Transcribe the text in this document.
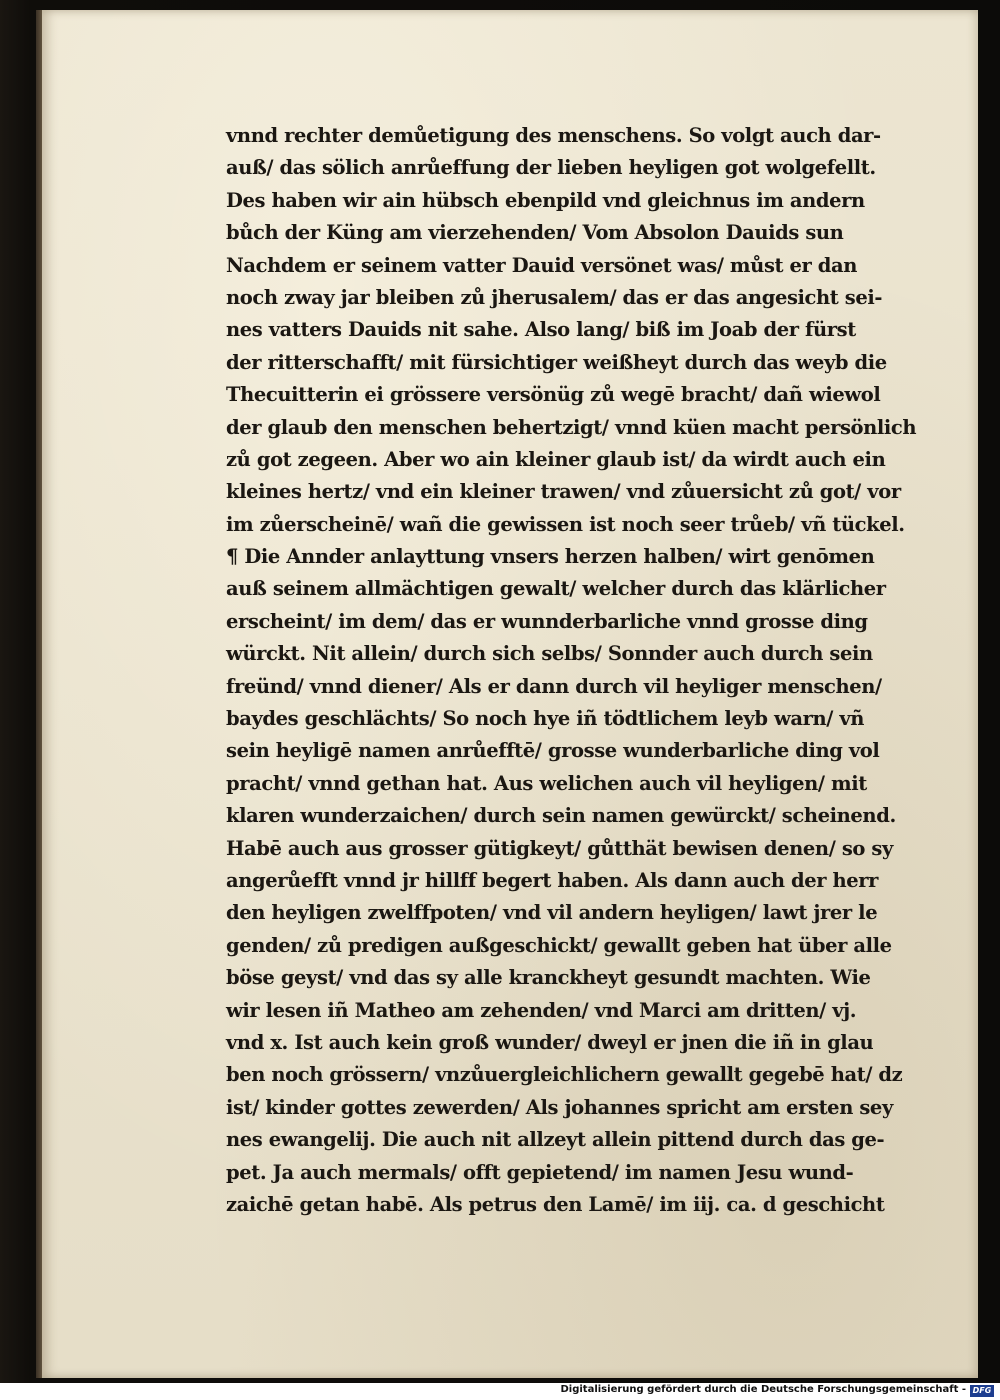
vnnd rechter demůetigung des menschens. So volgt auch dar-
auß/ das sölich anrůeffung der lieben heyligen got wolgefellt.
Des haben wir ain hübsch ebenpild vnd gleichnus im andern
bůch der Küng am vierzehenden/ Vom Absolon Dauids sun
Nachdem er seinem vatter Dauid versönet was/ můst er dan
noch zway jar bleiben zů jherusalem/ das er das angesicht sei-
nes vatters Dauids nit sahe. Also lang/ biß im Joab der fürst
der ritterschafft/ mit fürsichtiger weißheyt durch das weyb die
Thecuitterin ei grössere versönüg zů wegē bracht/ dañ wiewol
der glaub den menschen behertzigt/ vnnd küen macht persönlich
zů got zegeen. Aber wo ain kleiner glaub ist/ da wirdt auch ein
kleines hertz/ vnd ein kleiner trawen/ vnd zůuersicht zů got/ vor
im zůerscheinē/ wañ die gewissen ist noch seer trůeb/ vñ tückel.
¶ Die Annder anlayttung vnsers herzen halben/ wirt genōmen
auß seinem allmächtigen gewalt/ welcher durch das klärlicher
erscheint/ im dem/ das er wunnderbarliche vnnd grosse ding
würckt. Nit allein/ durch sich selbs/ Sonnder auch durch sein
freünd/ vnnd diener/ Als er dann durch vil heyliger menschen/
baydes geschlächts/ So noch hye iñ tödtlichem leyb warn/ vñ
sein heyligē namen anrůefftē/ grosse wunderbarliche ding vol
pracht/ vnnd gethan hat. Aus welichen auch vil heyligen/ mit
klaren wunderzaichen/ durch sein namen gewürckt/ scheinend.
Habē auch aus grosser gütigkeyt/ gůtthät bewisen denen/ so sy
angerůefft vnnd jr hillff begert haben. Als dann auch der herr
den heyligen zwelffpoten/ vnd vil andern heyligen/ lawt jrer le
genden/ zů predigen außgeschickt/ gewallt geben hat über alle
böse geyst/ vnd das sy alle kranckheyt gesundt machten. Wie
wir lesen iñ Matheo am zehenden/ vnd Marci am dritten/ vj.
vnd x. Ist auch kein groß wunder/ dweyl er jnen die iñ in glau
ben noch grössern/ vnzůuergleichlichern gewallt gegebē hat/ dz
ist/ kinder gottes zewerden/ Als johannes spricht am ersten sey
nes ewangelij. Die auch nit allzeyt allein pittend durch das ge-
pet. Ja auch mermals/ offt gepietend/ im namen Jesu wund-
zaichē getan habē. Als petrus den Lamē/ im iij. ca. d geschicht
Digitalisierung gefördert durch die Deutsche Forschungsgemeinschaft - DFG
